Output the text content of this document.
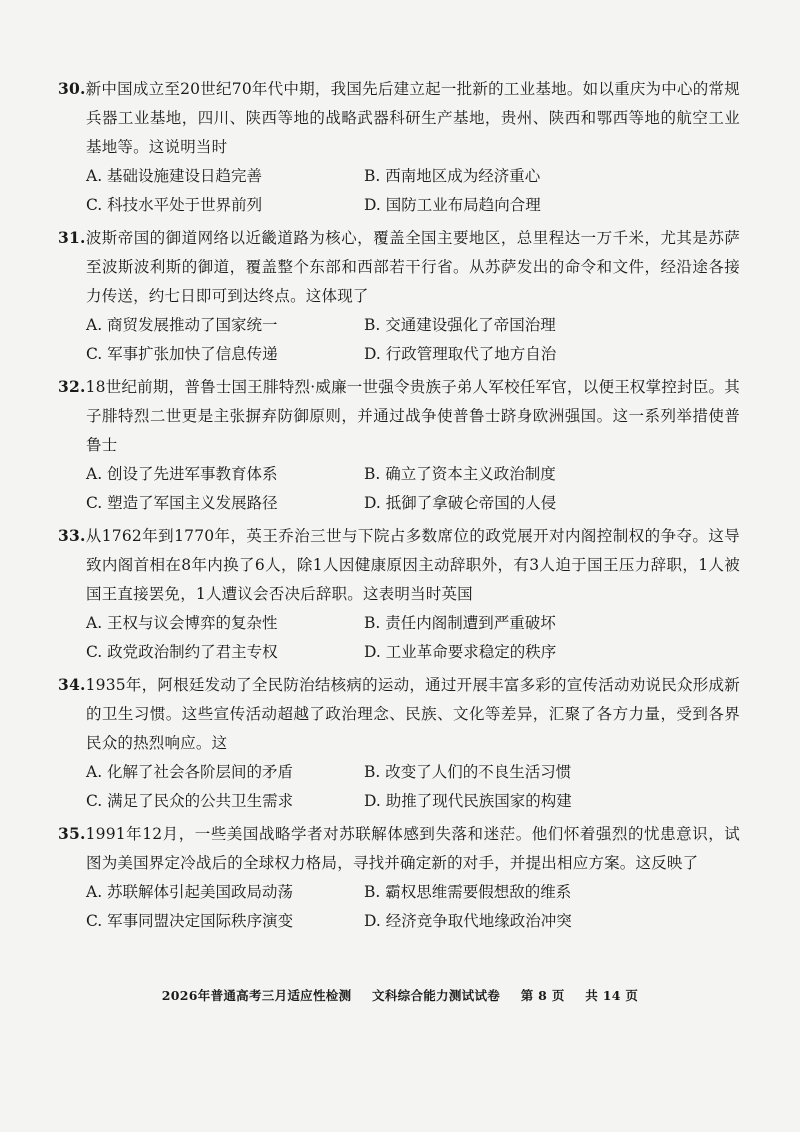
30.新中国成立至20世纪70年代中期，我国先后建立起一批新的工业基地。如以重庆为中心的常规兵器工业基地，四川、陕西等地的战略武器科研生产基地，贵州、陕西和鄂西等地的航空工业基地等。这说明当时
A. 基础设施建设日趋完善	B. 西南地区成为经济重心
C. 科技水平处于世界前列	D. 国防工业布局趋向合理
31.波斯帝国的御道网络以近畿道路为核心，覆盖全国主要地区，总里程达一万千米，尤其是苏萨至波斯波利斯的御道，覆盖整个东部和西部若干行省。从苏萨发出的命令和文件，经沿途各接力传送，约七日即可到达终点。这体现了
A. 商贸发展推动了国家统一	B. 交通建设强化了帝国治理
C. 军事扩张加快了信息传递	D. 行政管理取代了地方自治
32.18世纪前期，普鲁士国王腓特烈·威廉一世强令贵族子弟人军校任军官，以便王权掌控封臣。其子腓特烈二世更是主张摒弃防御原则，并通过战争使普鲁士跻身欧洲强国。这一系列举措使普鲁士
A. 创设了先进军事教育体系	B. 确立了资本主义政治制度
C. 塑造了军国主义发展路径	D. 抵御了拿破仑帝国的人侵
33.从1762年到1770年，英王乔治三世与下院占多数席位的政党展开对内阁控制权的争夺。这导致内阁首相在8年内换了6人，除1人因健康原因主动辞职外，有3人迫于国王压力辞职，1人被国王直接罢免，1人遭议会否决后辞职。这表明当时英国
A. 王权与议会博弈的复杂性	B. 责任内阁制遭到严重破坏
C. 政党政治制约了君主专权	D. 工业革命要求稳定的秩序
34.1935年，阿根廷发动了全民防治结核病的运动，通过开展丰富多彩的宣传活动劝说民众形成新的卫生习惯。这些宣传活动超越了政治理念、民族、文化等差异，汇聚了各方力量，受到各界民众的热烈响应。这
A. 化解了社会各阶层间的矛盾	B. 改变了人们的不良生活习惯
C. 满足了民众的公共卫生需求	D. 助推了现代民族国家的构建
35.1991年12月，一些美国战略学者对苏联解体感到失落和迷茫。他们怀着强烈的忧患意识，试图为美国界定冷战后的全球权力格局，寻找并确定新的对手，并提出相应方案。这反映了
A. 苏联解体引起美国政局动荡	B. 霸权思维需要假想敌的维系
C. 军事同盟决定国际秩序演变	D. 经济竞争取代地缘政治冲突
2026年普通高考三月适应性检测 文科综合能力测试试卷 第 8 页 共 14 页
